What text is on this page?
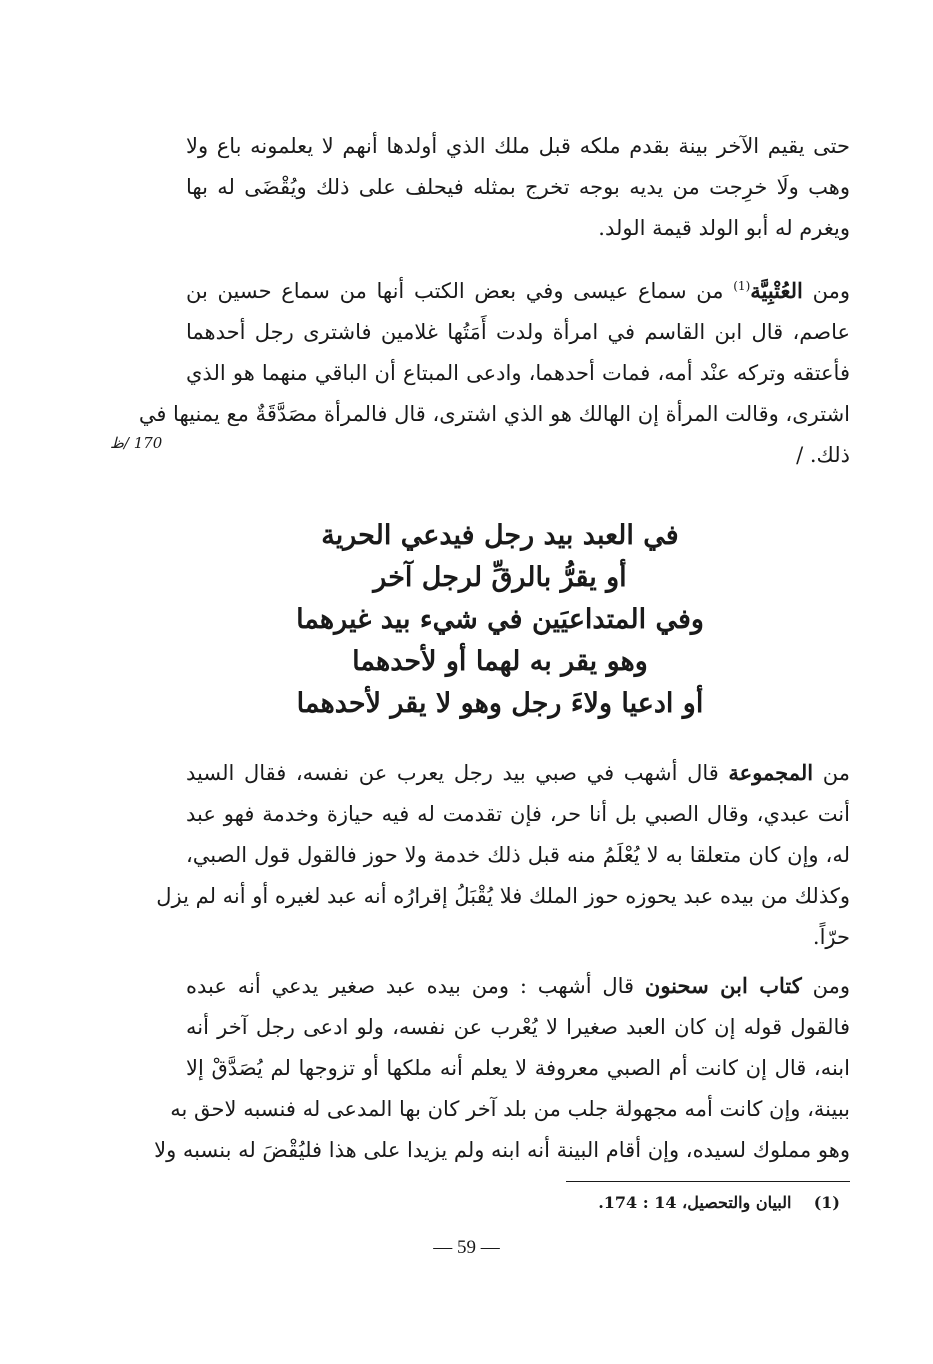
حتى يقيم الآخر بينة بقدم ملكه قبل ملك الذي أولدها أنهم لا يعلمونه باع ولا
وهب ولَا خرِجت من يديه بوجه تخرج بمثله فيحلف على ذلك ويُقْضَى له بها
ويغرم له أبو الولد قيمة الولد.
ومن العُتْبِيَّة$^{(1)}$ من سماع عيسى وفي بعض الكتب أنها من سماع حسين بن
عاصم، قال ابن القاسم في امرأة ولدت أَمَتُها غلامين فاشترى رجل أحدهما
فأعتقه وتركه عنْد أمه، فمات أحدهما، وادعى المبتاع أن الباقي منهما هو الذي
اشترى، وقالت المرأة إن الهالك هو الذي اشترى، قال فالمرأة مصَدَّقَةٌ مع يمنيها في
ذلك. /
170 /ظ
في العبد بيد رجل فيدعي الحرية
أو يقرُّ بالرقِّ لرجل آخر
وفي المتداعيَين في شيء بيد غيرهما
وهو يقر به لهما أو لأحدهما
أو ادعيا ولاءَ رجل وهو لا يقر لأحدهما
من المجموعة قال أشهب في صبي بيد رجل يعرب عن نفسه، فقال السيد
أنت عبدي، وقال الصبي بل أنا حر، فإن تقدمت له فيه حيازة وخدمة فهو عبد
له، وإن كان متعلقا به لا يُعْلَمُ منه قبل ذلك خدمة ولا حوز فالقول قول الصبي،
وكذلك من بيده عبد يحوزه حوز الملك فلا يُقْبَلُ إقرارُه أنه عبد لغيره أو أنه لم يزل
حرّاً.
ومن كتاب ابن سحنون قال أشهب : ومن بيده عبد صغير يدعي أنه عبده
فالقول قوله إن كان العبد صغيرا لا يُعْرب عن نفسه، ولو ادعى رجل آخر أنه
ابنه، قال إن كانت أم الصبي معروفة لا يعلم أنه ملكها أو تزوجها لم يُصَدَّقْ إلا
ببينة، وإن كانت أمه مجهولة جلب من بلد آخر كان بها المدعى له فنسبه لاحق به
وهو مملوك لسيده، وإن أقام البينة أنه ابنه ولم يزيدا على هذا فليُقْضَ له بنسبه ولا
(1)    البيان والتحصيل، 14 : 174.
— 59 —
